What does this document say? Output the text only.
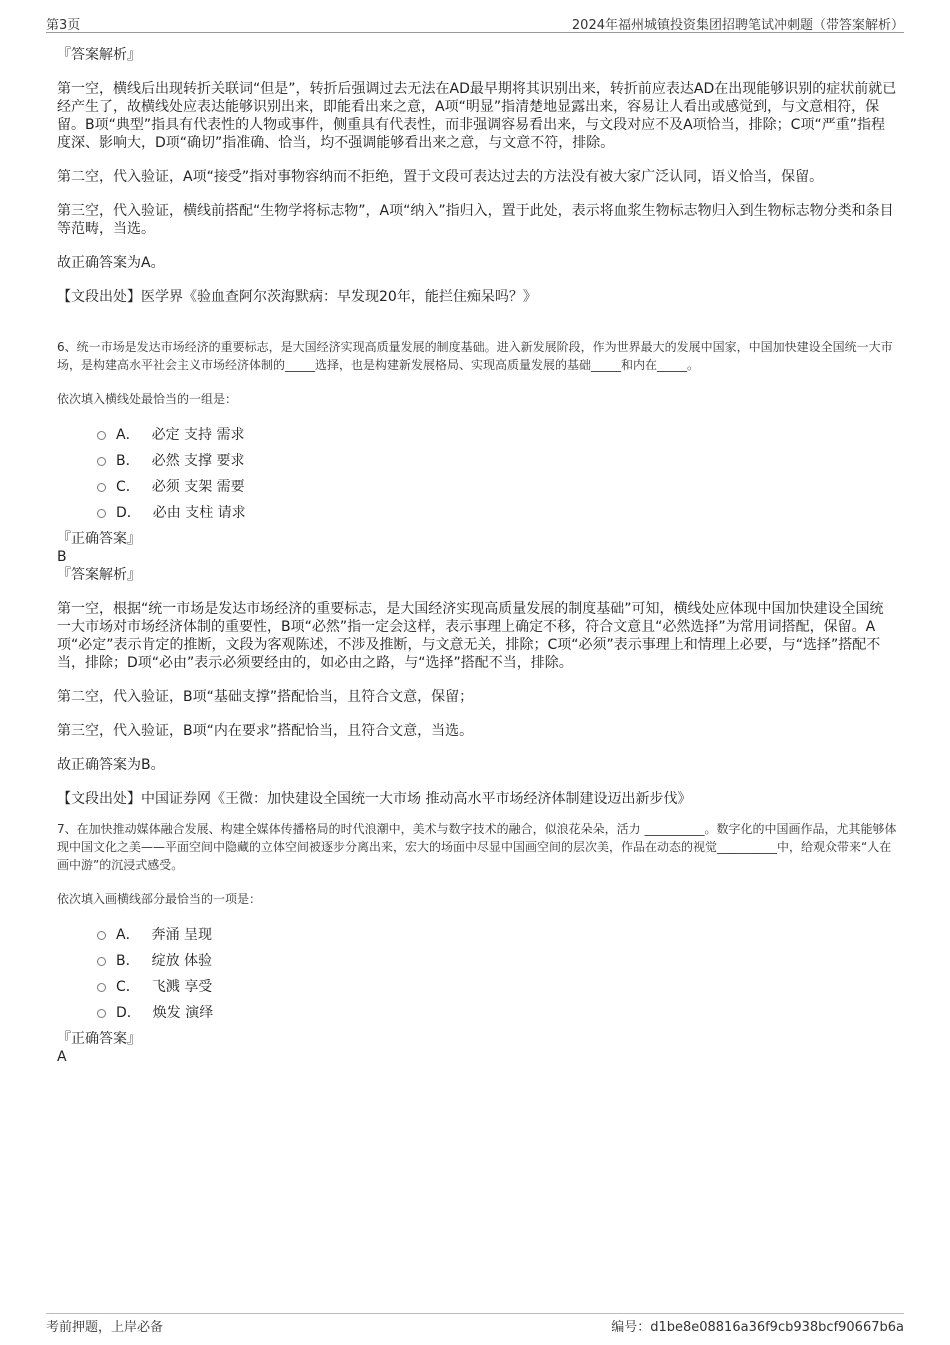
第3页	2024年福州城镇投资集团招聘笔试冲刺题（带答案解析）

『答案解析』

第一空，横线后出现转折关联词“但是”，转折后强调过去无法在AD最早期将其识别出来，转折前应表达AD在出现能够识别的症状前就已经产生了，故横线处应表达能够识别出来，即能看出来之意，A项“明显”指清楚地显露出来，容易让人看出或感觉到，与文意相符，保留。B项“典型”指具有代表性的人物或事件，侧重具有代表性，而非强调容易看出来，与文段对应不及A项恰当，排除；C项“严重”指程度深、影响大，D项“确切”指准确、恰当，均不强调能够看出来之意，与文意不符，排除。

第二空，代入验证，A项“接受”指对事物容纳而不拒绝，置于文段可表达过去的方法没有被大家广泛认同，语义恰当，保留。

第三空，代入验证，横线前搭配“生物学将标志物”，A项“纳入”指归入，置于此处，表示将血浆生物标志物归入到生物标志物分类和条目等范畴，当选。

故正确答案为A。

【文段出处】医学界《验血查阿尔茨海默病：早发现20年，能拦住痴呆吗？》

6、统一市场是发达市场经济的重要标志，是大国经济实现高质量发展的制度基础。进入新发展阶段，作为世界最大的发展中国家，中国加快建设全国统一大市场，是构建高水平社会主义市场经济体制的_____选择，也是构建新发展格局、实现高质量发展的基础_____和内在_____。

依次填入横线处最恰当的一组是：

A． 必定 支持 需求
B． 必然 支撑 要求
C． 必须 支架 需要
D． 必由 支柱 请求

『正确答案』

B

『答案解析』

第一空，根据“统一市场是发达市场经济的重要标志，是大国经济实现高质量发展的制度基础”可知，横线处应体现中国加快建设全国统一大市场对市场经济体制的重要性，B项“必然”指一定会这样，表示事理上确定不移，符合文意且“必然选择”为常用词搭配，保留。A项“必定”表示肯定的推断，文段为客观陈述，不涉及推断，与文意无关，排除；C项“必须”表示事理上和情理上必要，与“选择”搭配不当，排除；D项“必由”表示必须要经由的，如必由之路，与“选择”搭配不当，排除。

第二空，代入验证，B项“基础支撑”搭配恰当，且符合文意，保留；

第三空，代入验证，B项“内在要求”搭配恰当，且符合文意，当选。

故正确答案为B。

【文段出处】中国证券网《王微：加快建设全国统一大市场 推动高水平市场经济体制建设迈出新步伐》

7、在加快推动媒体融合发展、构建全媒体传播格局的时代浪潮中，美术与数字技术的融合，似浪花朵朵，活力 __________。数字化的中国画作品，尤其能够体现中国文化之美——平面空间中隐藏的立体空间被逐步分离出来，宏大的场面中尽显中国画空间的层次美，作品在动态的视觉__________中，给观众带来“人在画中游”的沉浸式感受。

依次填入画横线部分最恰当的一项是：

A． 奔涌 呈现
B． 绽放 体验
C． 飞溅 享受
D． 焕发 演绎

『正确答案』

A

考前押题，上岸必备	编号：d1be8e08816a36f9cb938bcf90667b6a
